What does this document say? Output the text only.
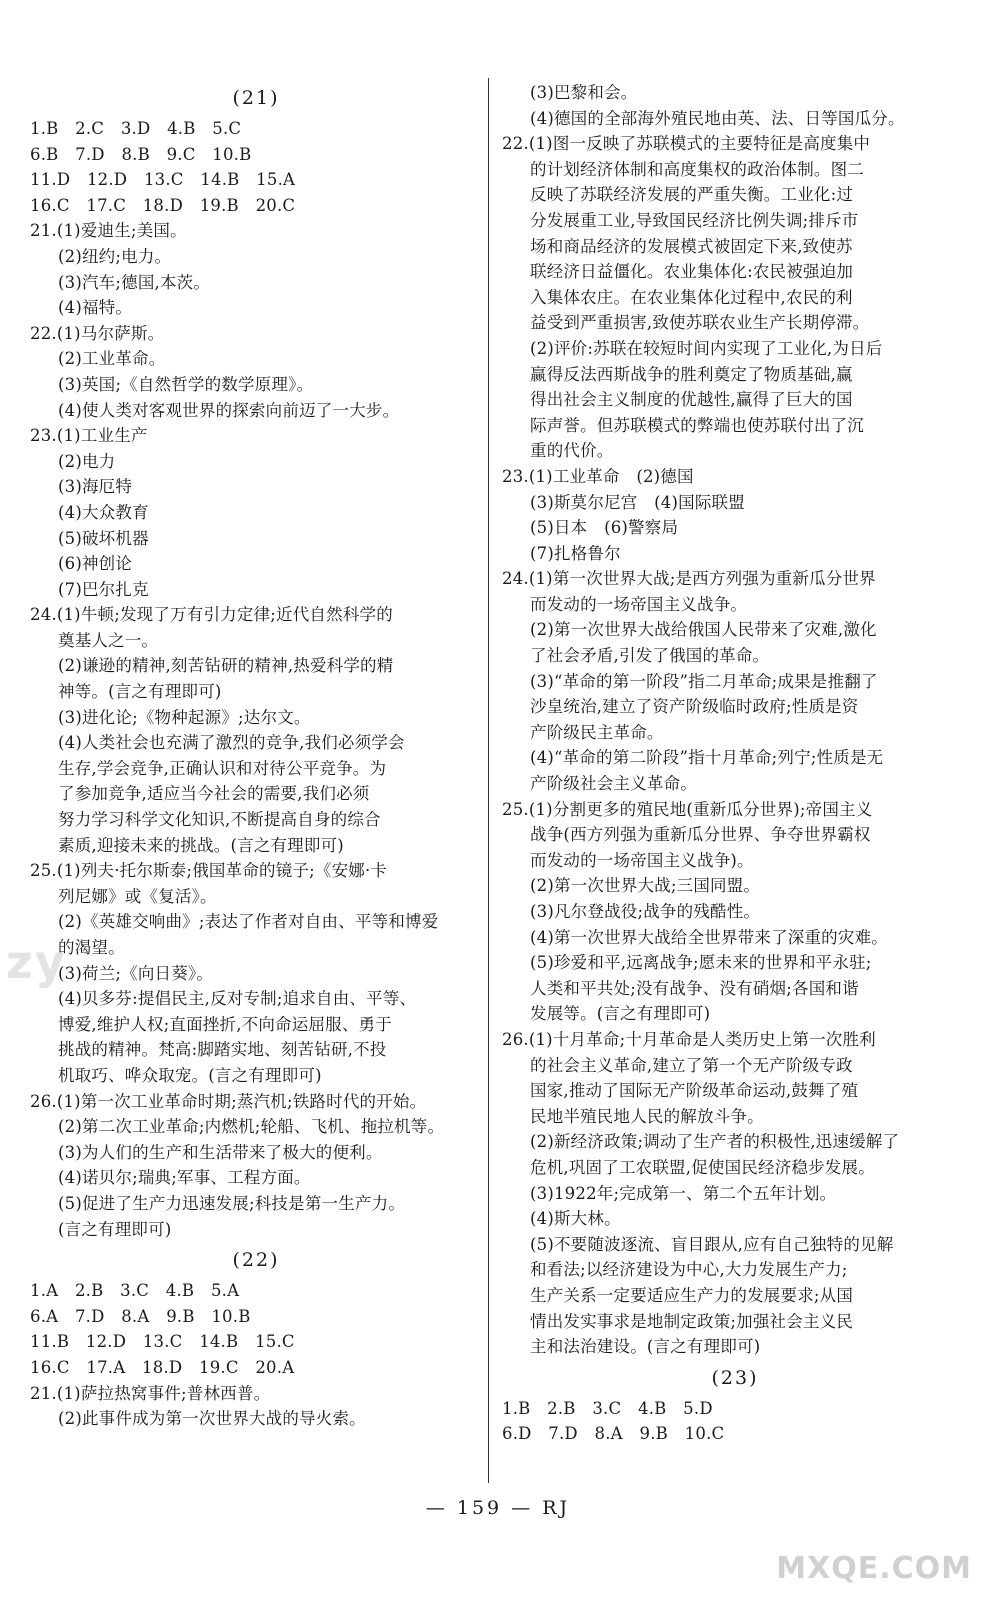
(21)
1.B　2.C　3.D　4.B　5.C
6.B　7.D　8.B　9.C　10.B
11.D　12.D　13.C　14.B　15.A
16.C　17.C　18.D　19.B　20.C
21.(1)爱迪生;美国。
(2)纽约;电力。
(3)汽车;德国,本茨。
(4)福特。
22.(1)马尔萨斯。
(2)工业革命。
(3)英国;《自然哲学的数学原理》。
(4)使人类对客观世界的探索向前迈了一大步。
23.(1)工业生产
(2)电力
(3)海厄特
(4)大众教育
(5)破坏机器
(6)神创论
(7)巴尔扎克
24.(1)牛顿;发现了万有引力定律;近代自然科学的
奠基人之一。
(2)谦逊的精神,刻苦钻研的精神,热爱科学的精
神等。(言之有理即可)
(3)进化论;《物种起源》;达尔文。
(4)人类社会也充满了激烈的竞争,我们必须学会
生存,学会竞争,正确认识和对待公平竞争。为
了参加竞争,适应当今社会的需要,我们必须
努力学习科学文化知识,不断提高自身的综合
素质,迎接未来的挑战。(言之有理即可)
25.(1)列夫·托尔斯泰;俄国革命的镜子;《安娜·卡
列尼娜》或《复活》。
(2)《英雄交响曲》;表达了作者对自由、平等和博爱
的渴望。
(3)荷兰;《向日葵》。
(4)贝多芬:提倡民主,反对专制;追求自由、平等、
博爱,维护人权;直面挫折,不向命运屈服、勇于
挑战的精神。梵高:脚踏实地、刻苦钻研,不投
机取巧、哗众取宠。(言之有理即可)
26.(1)第一次工业革命时期;蒸汽机;铁路时代的开始。
(2)第二次工业革命;内燃机;轮船、飞机、拖拉机等。
(3)为人们的生产和生活带来了极大的便利。
(4)诺贝尔;瑞典;军事、工程方面。
(5)促进了生产力迅速发展;科技是第一生产力。
(言之有理即可)
(22)
1.A　2.B　3.C　4.B　5.A
6.A　7.D　8.A　9.B　10.B
11.B　12.D　13.C　14.B　15.C
16.C　17.A　18.D　19.C　20.A
21.(1)萨拉热窝事件;普林西普。
(2)此事件成为第一次世界大战的导火索。
(3)巴黎和会。
(4)德国的全部海外殖民地由英、法、日等国瓜分。
22.(1)图一反映了苏联模式的主要特征是高度集中
的计划经济体制和高度集权的政治体制。图二
反映了苏联经济发展的严重失衡。工业化:过
分发展重工业,导致国民经济比例失调;排斥市
场和商品经济的发展模式被固定下来,致使苏
联经济日益僵化。农业集体化:农民被强迫加
入集体农庄。在农业集体化过程中,农民的利
益受到严重损害,致使苏联农业生产长期停滞。
(2)评价:苏联在较短时间内实现了工业化,为日后
赢得反法西斯战争的胜利奠定了物质基础,赢
得出社会主义制度的优越性,赢得了巨大的国
际声誉。但苏联模式的弊端也使苏联付出了沉
重的代价。
23.(1)工业革命　(2)德国
(3)斯莫尔尼宫　(4)国际联盟
(5)日本　(6)警察局
(7)扎格鲁尔
24.(1)第一次世界大战;是西方列强为重新瓜分世界
而发动的一场帝国主义战争。
(2)第一次世界大战给俄国人民带来了灾难,激化
了社会矛盾,引发了俄国的革命。
(3)“革命的第一阶段”指二月革命;成果是推翻了
沙皇统治,建立了资产阶级临时政府;性质是资
产阶级民主革命。
(4)“革命的第二阶段”指十月革命;列宁;性质是无
产阶级社会主义革命。
25.(1)分割更多的殖民地(重新瓜分世界);帝国主义
战争(西方列强为重新瓜分世界、争夺世界霸权
而发动的一场帝国主义战争)。
(2)第一次世界大战;三国同盟。
(3)凡尔登战役;战争的残酷性。
(4)第一次世界大战给全世界带来了深重的灾难。
(5)珍爱和平,远离战争;愿未来的世界和平永驻;
人类和平共处;没有战争、没有硝烟;各国和谐
发展等。(言之有理即可)
26.(1)十月革命;十月革命是人类历史上第一次胜利
的社会主义革命,建立了第一个无产阶级专政
国家,推动了国际无产阶级革命运动,鼓舞了殖
民地半殖民地人民的解放斗争。
(2)新经济政策;调动了生产者的积极性,迅速缓解了
危机,巩固了工农联盟,促使国民经济稳步发展。
(3)1922年;完成第一、第二个五年计划。
(4)斯大林。
(5)不要随波逐流、盲目跟从,应有自己独特的见解
和看法;以经济建设为中心,大力发展生产力;
生产关系一定要适应生产力的发展要求;从国
情出发实事求是地制定政策;加强社会主义民
主和法治建设。(言之有理即可)
(23)
1.B　2.B　3.C　4.B　5.D
6.D　7.D　8.A　9.B　10.C
— 159 — RJ
zy
MXQE.COM
